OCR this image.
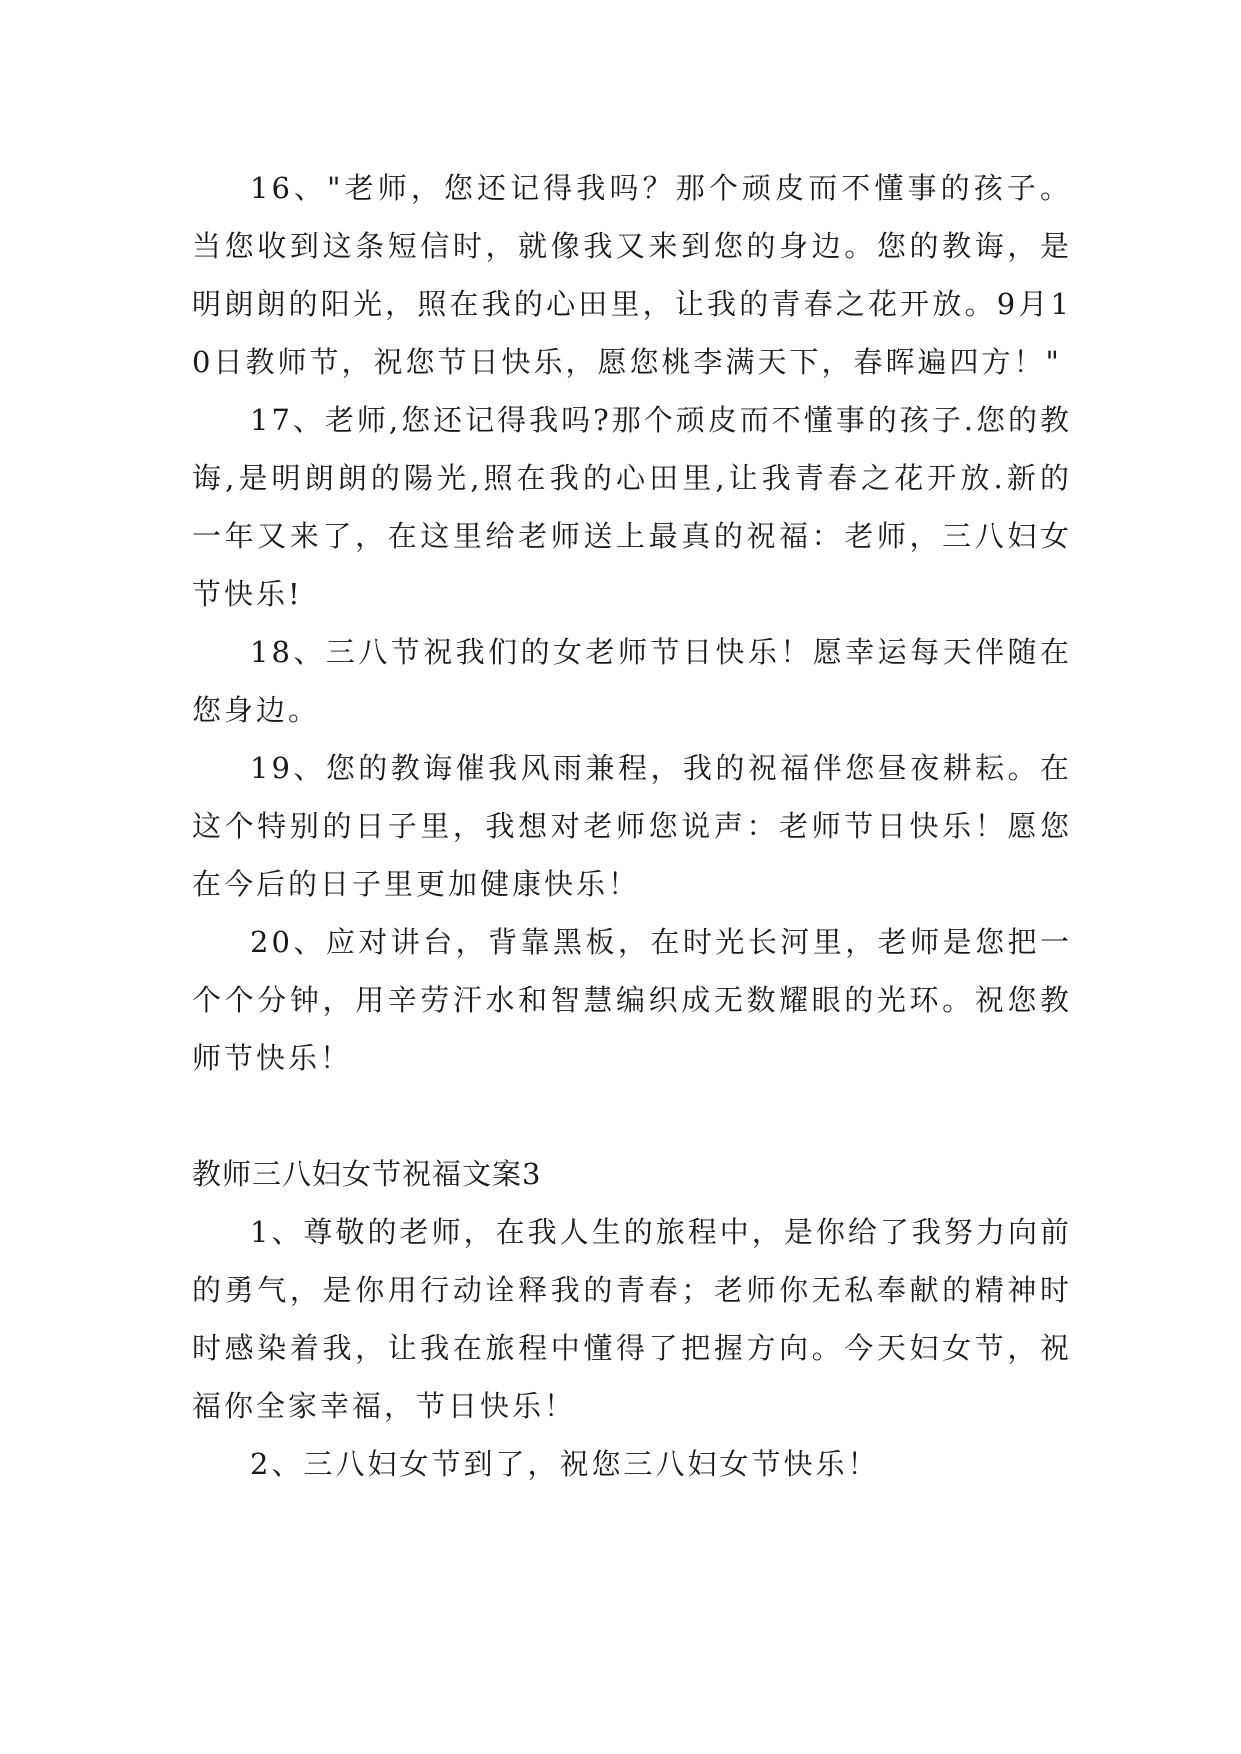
16、"老师，您还记得我吗？那个顽皮而不懂事的孩子。当您收到这条短信时，就像我又来到您的身边。您的教诲，是明朗朗的阳光，照在我的心田里，让我的青春之花开放。9月10日教师节，祝您节日快乐，愿您桃李满天下，春晖遍四方！"

17、老师,您还记得我吗?那个顽皮而不懂事的孩子.您的教诲,是明朗朗的陽光,照在我的心田里,让我青春之花开放.新的一年又来了，在这里给老师送上最真的祝福：老师，三八妇女节快乐!

18、三八节祝我们的女老师节日快乐！愿幸运每天伴随在您身边。

19、您的教诲催我风雨兼程，我的祝福伴您昼夜耕耘。在这个特别的日子里，我想对老师您说声：老师节日快乐！愿您在今后的日子里更加健康快乐！

20、应对讲台，背靠黑板，在时光长河里，老师是您把一个个分钟，用辛劳汗水和智慧编织成无数耀眼的光环。祝您教师节快乐！

教师三八妇女节祝福文案3

1、尊敬的老师，在我人生的旅程中，是你给了我努力向前的勇气，是你用行动诠释我的青春；老师你无私奉献的精神时时感染着我，让我在旅程中懂得了把握方向。今天妇女节，祝福你全家幸福，节日快乐！

2、三八妇女节到了，祝您三八妇女节快乐！
